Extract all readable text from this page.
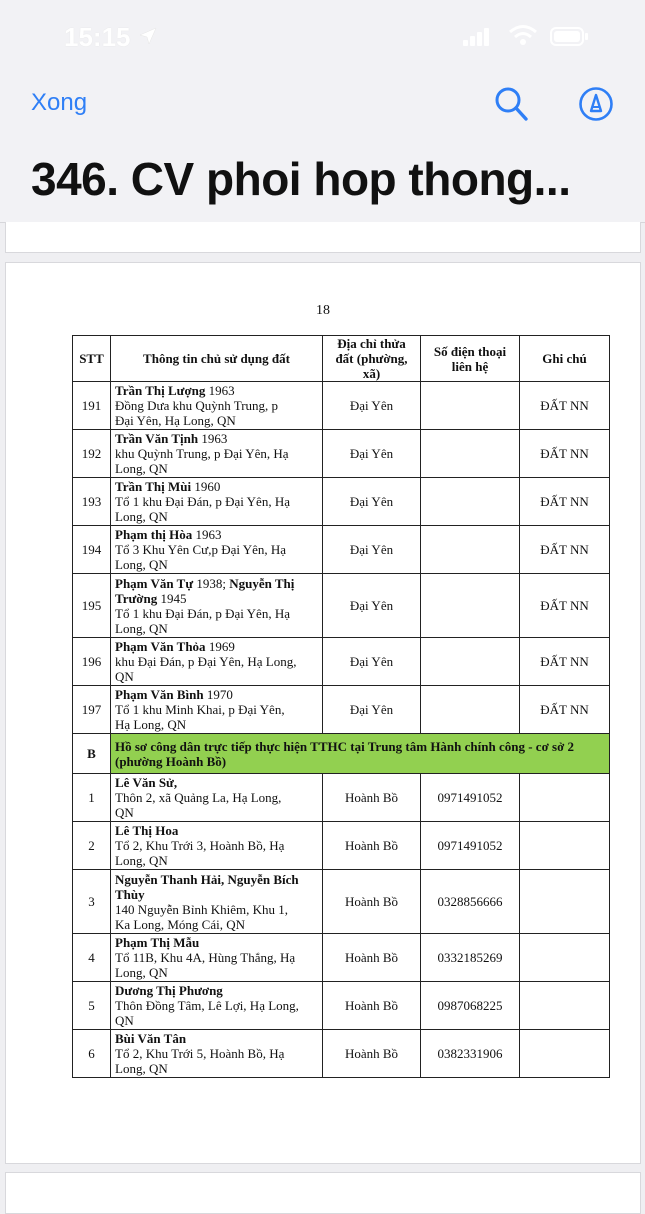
15:15
Xong
346. CV phoi hop thong...
18
STT	Thông tin chủ sử dụng đất	Địa chỉ thửa đất (phường, xã)	Số điện thoại liên hệ	Ghi chú
191	Trần Thị Lượng 1963
Đồng Dưa khu Quỳnh Trung, p
Đại Yên, Hạ Long, QN	Đại Yên		ĐẤT NN
192	Trần Văn Tịnh 1963
khu Quỳnh Trung, p Đại Yên, Hạ
Long, QN	Đại Yên		ĐẤT NN
193	Trần Thị Mùi 1960
Tổ 1 khu Đại Đán, p Đại Yên, Hạ
Long, QN	Đại Yên		ĐẤT NN
194	Phạm thị Hòa 1963
Tổ 3 Khu Yên Cư,p Đại Yên, Hạ
Long, QN	Đại Yên		ĐẤT NN
195	Phạm Văn Tự 1938; Nguyễn Thị Trường 1945
Tổ 1 khu Đại Đán, p Đại Yên, Hạ
Long, QN	Đại Yên		ĐẤT NN
196	Phạm Văn Thỏa 1969
khu Đại Đán, p Đại Yên, Hạ Long,
QN	Đại Yên		ĐẤT NN
197	Phạm Văn Bình 1970
Tổ 1 khu Minh Khai, p Đại Yên,
Hạ Long, QN	Đại Yên		ĐẤT NN
B	Hồ sơ công dân trực tiếp thực hiện TTHC tại Trung tâm Hành chính công - cơ sở 2 (phường Hoành Bồ)			
1	Lê Văn Sử,
Thôn 2, xã Quảng La, Hạ Long,
QN	Hoành Bồ	0971491052	
2	Lê Thị Hoa
Tổ 2, Khu Trới 3, Hoành Bồ, Hạ
Long, QN	Hoành Bồ	0971491052	
3	Nguyễn Thanh Hải, Nguyễn Bích Thùy
140 Nguyễn Bỉnh Khiêm, Khu 1,
Ka Long, Móng Cái, QN	Hoành Bồ	0328856666	
4	Phạm Thị Mẫu
Tổ 11B, Khu 4A, Hùng Thắng, Hạ
Long, QN	Hoành Bồ	0332185269	
5	Dương Thị Phương
Thôn Đồng Tâm, Lê Lợi, Hạ Long,
QN	Hoành Bồ	0987068225	
6	Bùi Văn Tân
Tổ 2, Khu Trới 5, Hoành Bồ, Hạ
Long, QN	Hoành Bồ	0382331906	
